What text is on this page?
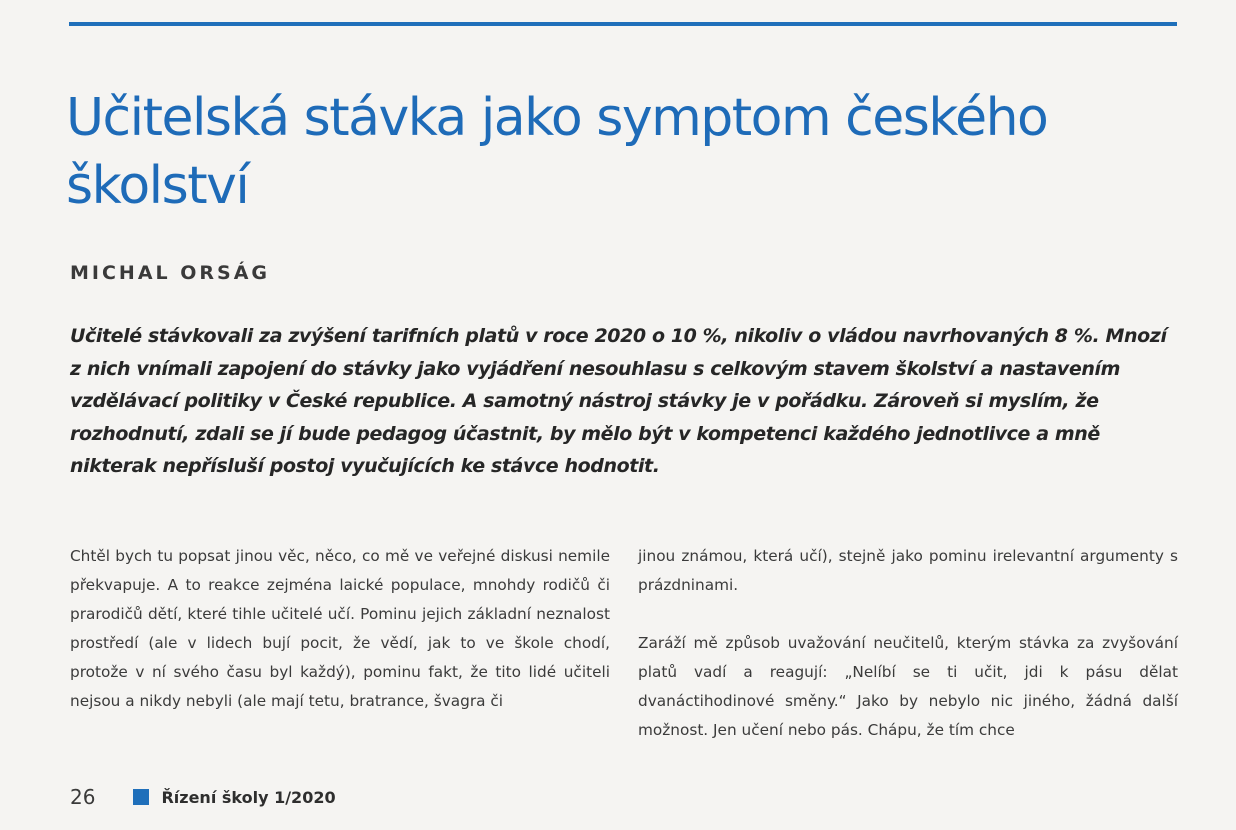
Učitelská stávka jako symptom českého školství
MICHAL ORSÁG

Učitelé stávkovali za zvýšení tarifních platů v roce 2020 o 10 %, nikoliv o vládou navrhovaných 8 %. Mnozí z nich vnímali zapojení do stávky jako vyjádření nesouhlasu s celkovým stavem školství a nastavením vzdělávací politiky v České republice. A samotný nástroj stávky je v pořádku. Zároveň si myslím, že rozhodnutí, zdali se jí bude pedagog účastnit, by mělo být v kompetenci každého jednotlivce a mně nikterak nepřísluší postoj vyučujících ke stávce hodnotit.

Chtěl bych tu popsat jinou věc, něco, co mě ve veřejné diskusi nemile překvapuje. A to reakce zejména laické populace, mnohdy rodičů či prarodičů dětí, které tihle učitelé učí. Pominu jejich základní neznalost prostředí (ale v lidech bují pocit, že vědí, jak to ve škole chodí, protože v ní svého času byl každý), pominu fakt, že tito lidé učiteli nejsou a nikdy nebyli (ale mají tetu, bratrance, švagra či

jinou známou, která učí), stejně jako pominu irelevantní argumenty s prázdninami.

Zaráží mě způsob uvažování neučitelů, kterým stávka za zvyšování platů vadí a reagují: „Nelíbí se ti učit, jdi k pásu dělat dvanáctihodinové směny.“ Jako by nebylo nic jiného, žádná další možnost. Jen učení nebo pás. Chápu, že tím chce

26	Řízení školy 1/2020
